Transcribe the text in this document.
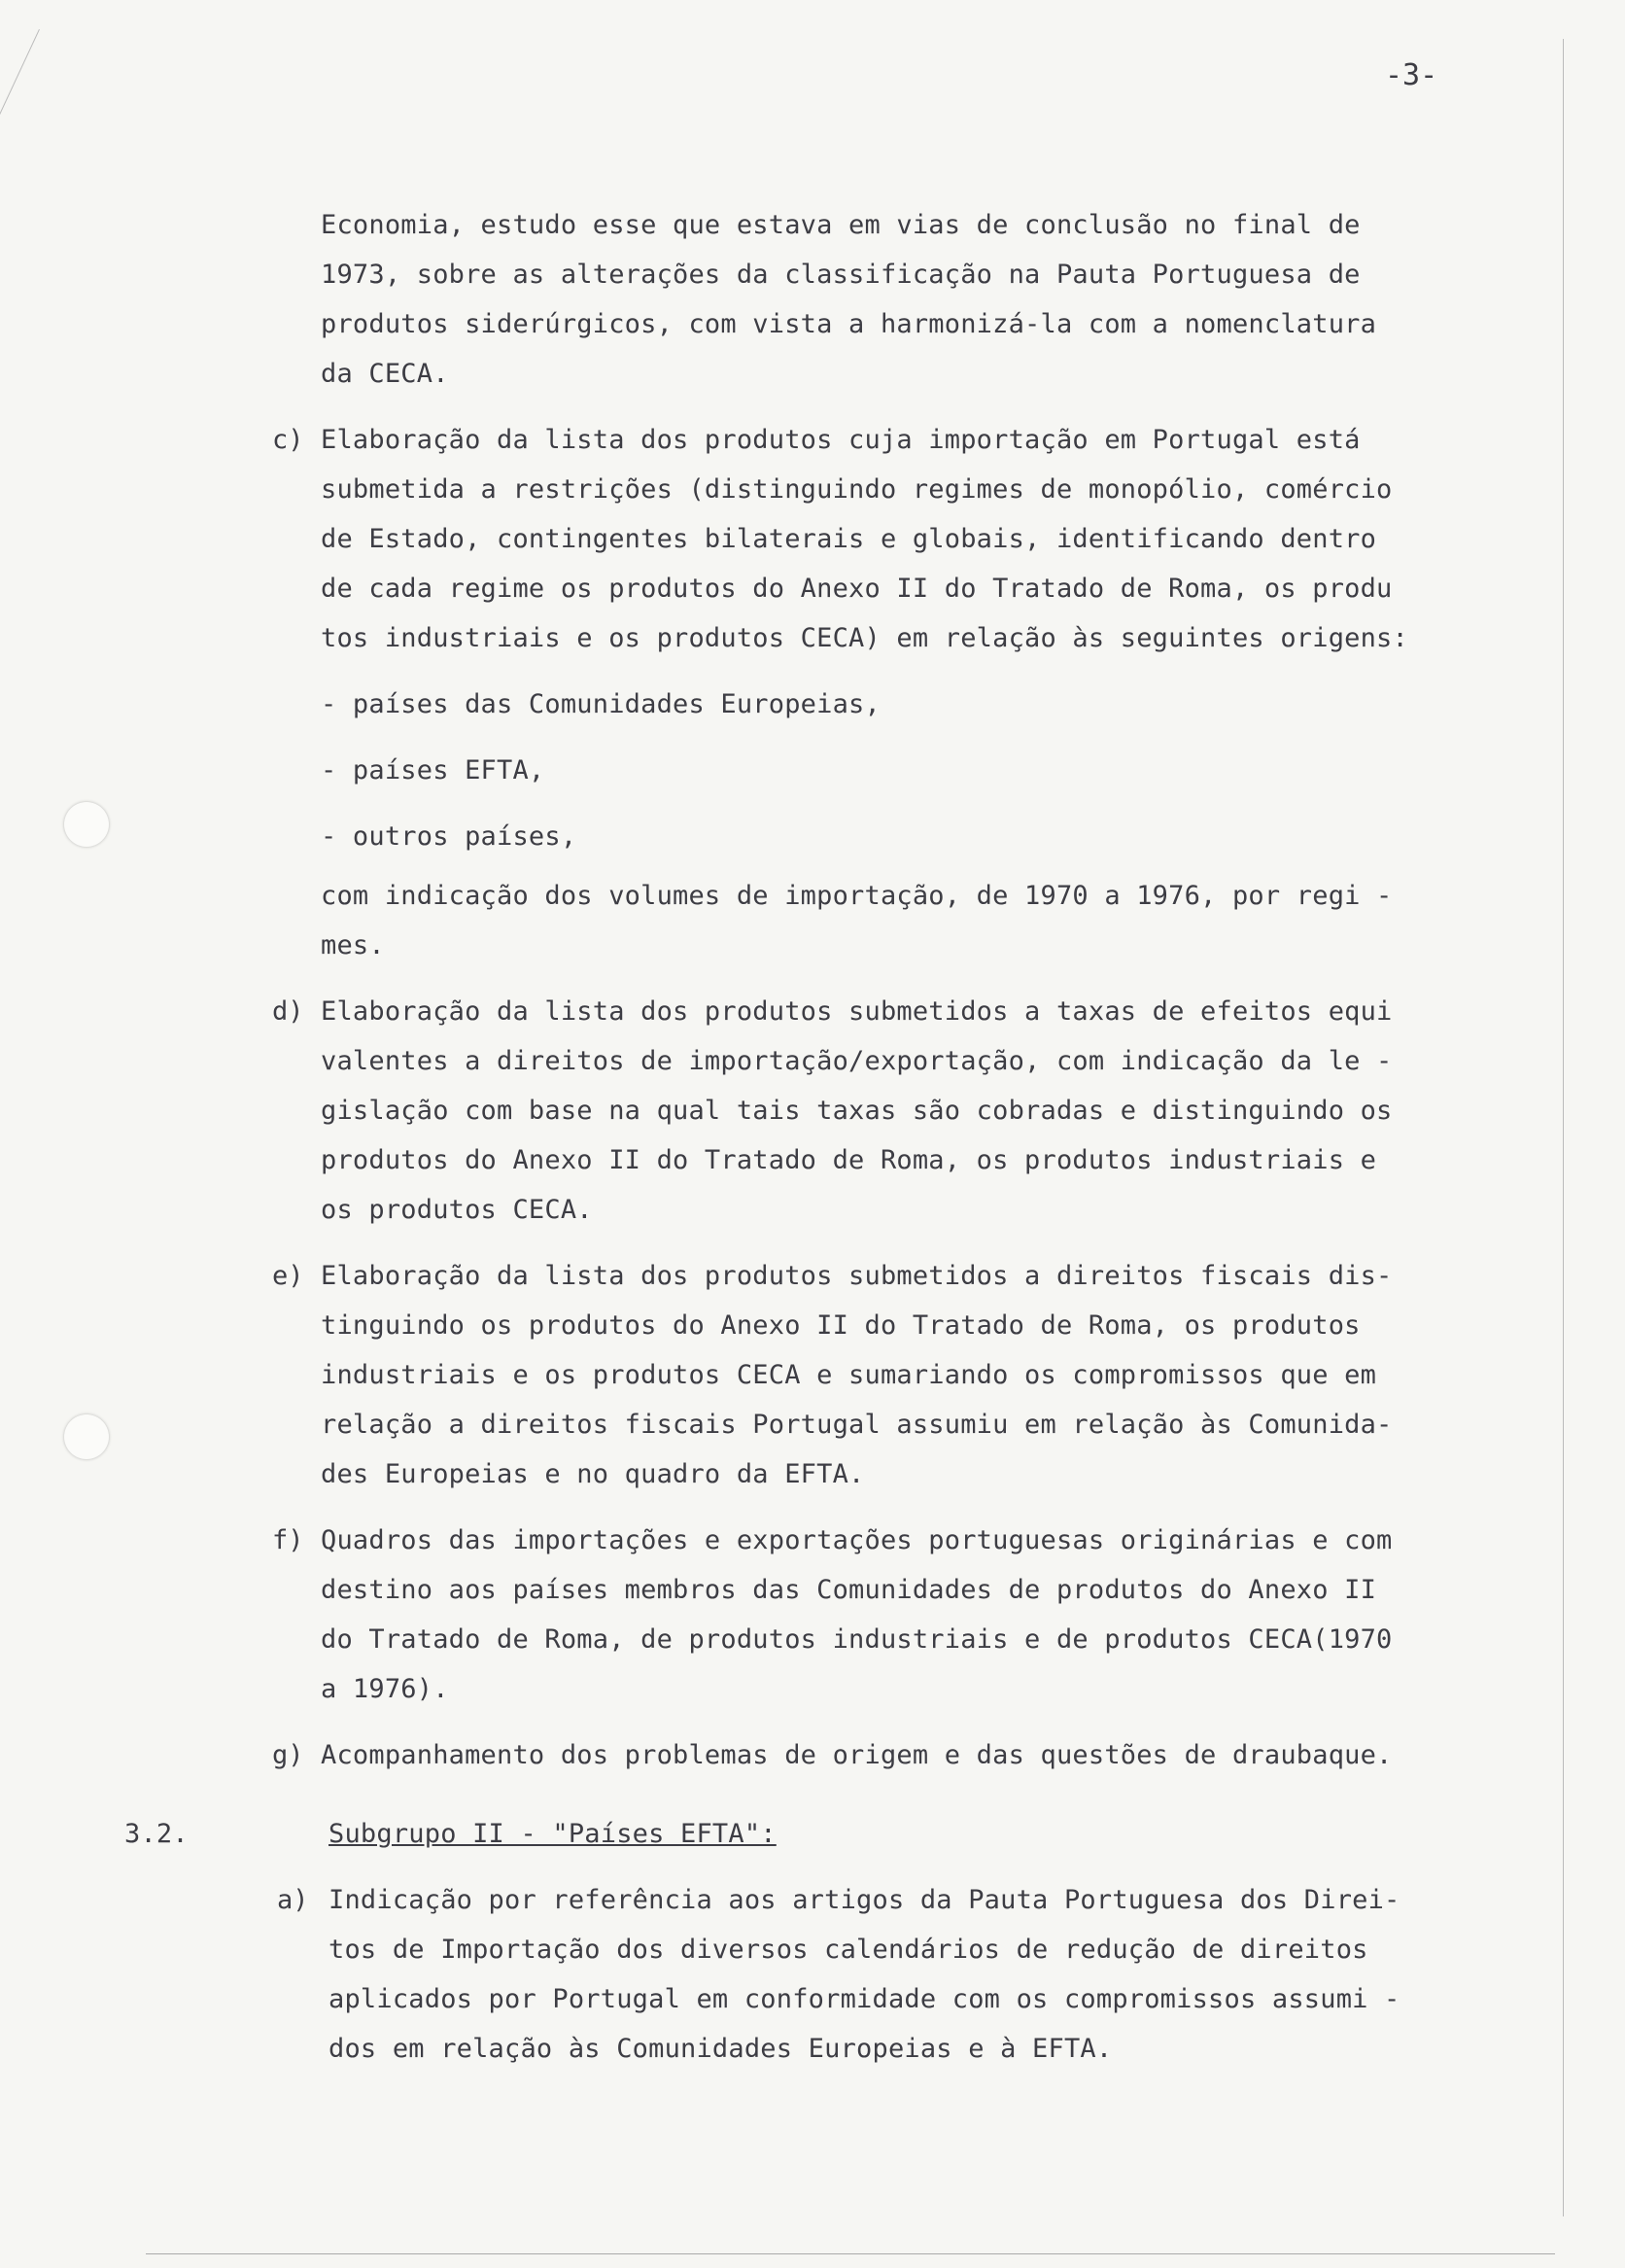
-3-
Economia, estudo esse que estava em vias de conclusão no final de
1973, sobre as alterações da classificação na Pauta Portuguesa de
produtos siderúrgicos, com vista a harmonizá-la com a nomenclatura
da CECA.
c) Elaboração da lista dos produtos cuja importação em Portugal está
submetida a restrições (distinguindo regimes de monopólio, comércio
de Estado, contingentes bilaterais e globais, identificando dentro
de cada regime os produtos do Anexo II do Tratado de Roma, os produ
tos industriais e os produtos CECA) em relação às seguintes origens:
- países das Comunidades Europeias,
- países EFTA,
- outros países,
com indicação dos volumes de importação, de 1970 a 1976, por regi -
mes.
d) Elaboração da lista dos produtos submetidos a taxas de efeitos equi
valentes a direitos de importação/exportação, com indicação da le -
gislação com base na qual tais taxas são cobradas e distinguindo os
produtos do Anexo II do Tratado de Roma, os produtos industriais e
os produtos CECA.
e) Elaboração da lista dos produtos submetidos a direitos fiscais dis-
tinguindo os produtos do Anexo II do Tratado de Roma, os produtos
industriais e os produtos CECA e sumariando os compromissos que em
relação a direitos fiscais Portugal assumiu em relação às Comunida-
des Europeias e no quadro da EFTA.
f) Quadros das importações e exportações portuguesas originárias e com
destino aos países membros das Comunidades de produtos do Anexo II
do Tratado de Roma, de produtos industriais e de produtos CECA(1970
a 1976).
g) Acompanhamento dos problemas de origem e das questões de draubaque.
3.2.	Subgrupo II - "Países EFTA":
a) Indicação por referência aos artigos da Pauta Portuguesa dos Direi-
tos de Importação dos diversos calendários de redução de direitos
aplicados por Portugal em conformidade com os compromissos assumi -
dos em relação às Comunidades Europeias e à EFTA.
